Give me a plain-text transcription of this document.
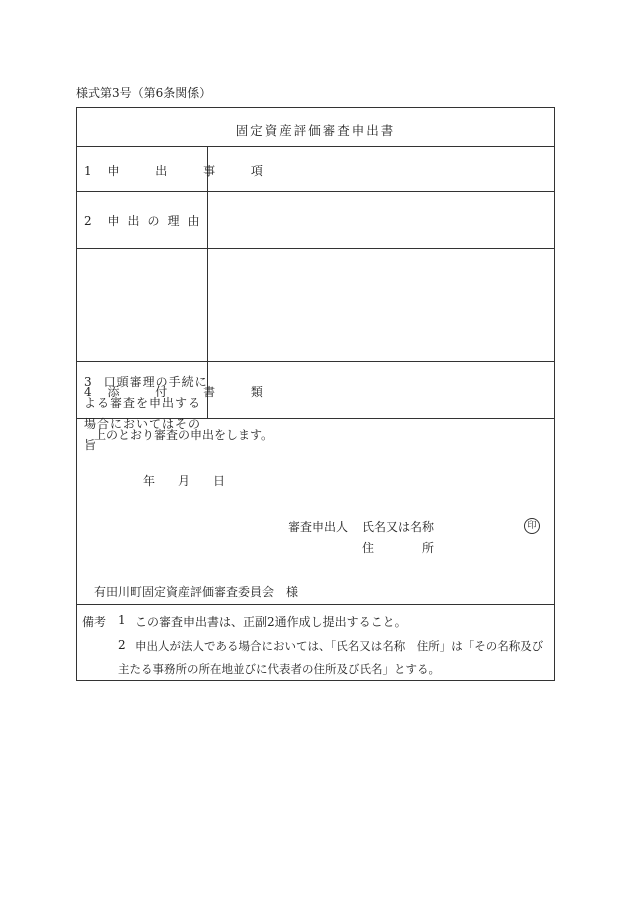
様式第3号（第6条関係）
固定資産評価審査申出書
1 申 出 事 項
2 申出の理由
3 口頭審理の手続に
よる審査を申出する
場合においてはその
旨
4 添 付 書 類
上のとおり審査の申出をします。
年 月 日
審査申出人 氏名又は名称
住　　　　所
有田川町固定資産評価審査委員会　様
備考 1 この審査申出書は、正副2通作成し提出すること。
2 申出人が法人である場合においては、「氏名又は名称　住所」は「その名称及び
主たる事務所の所在地並びに代表者の住所及び氏名」とする。
印
